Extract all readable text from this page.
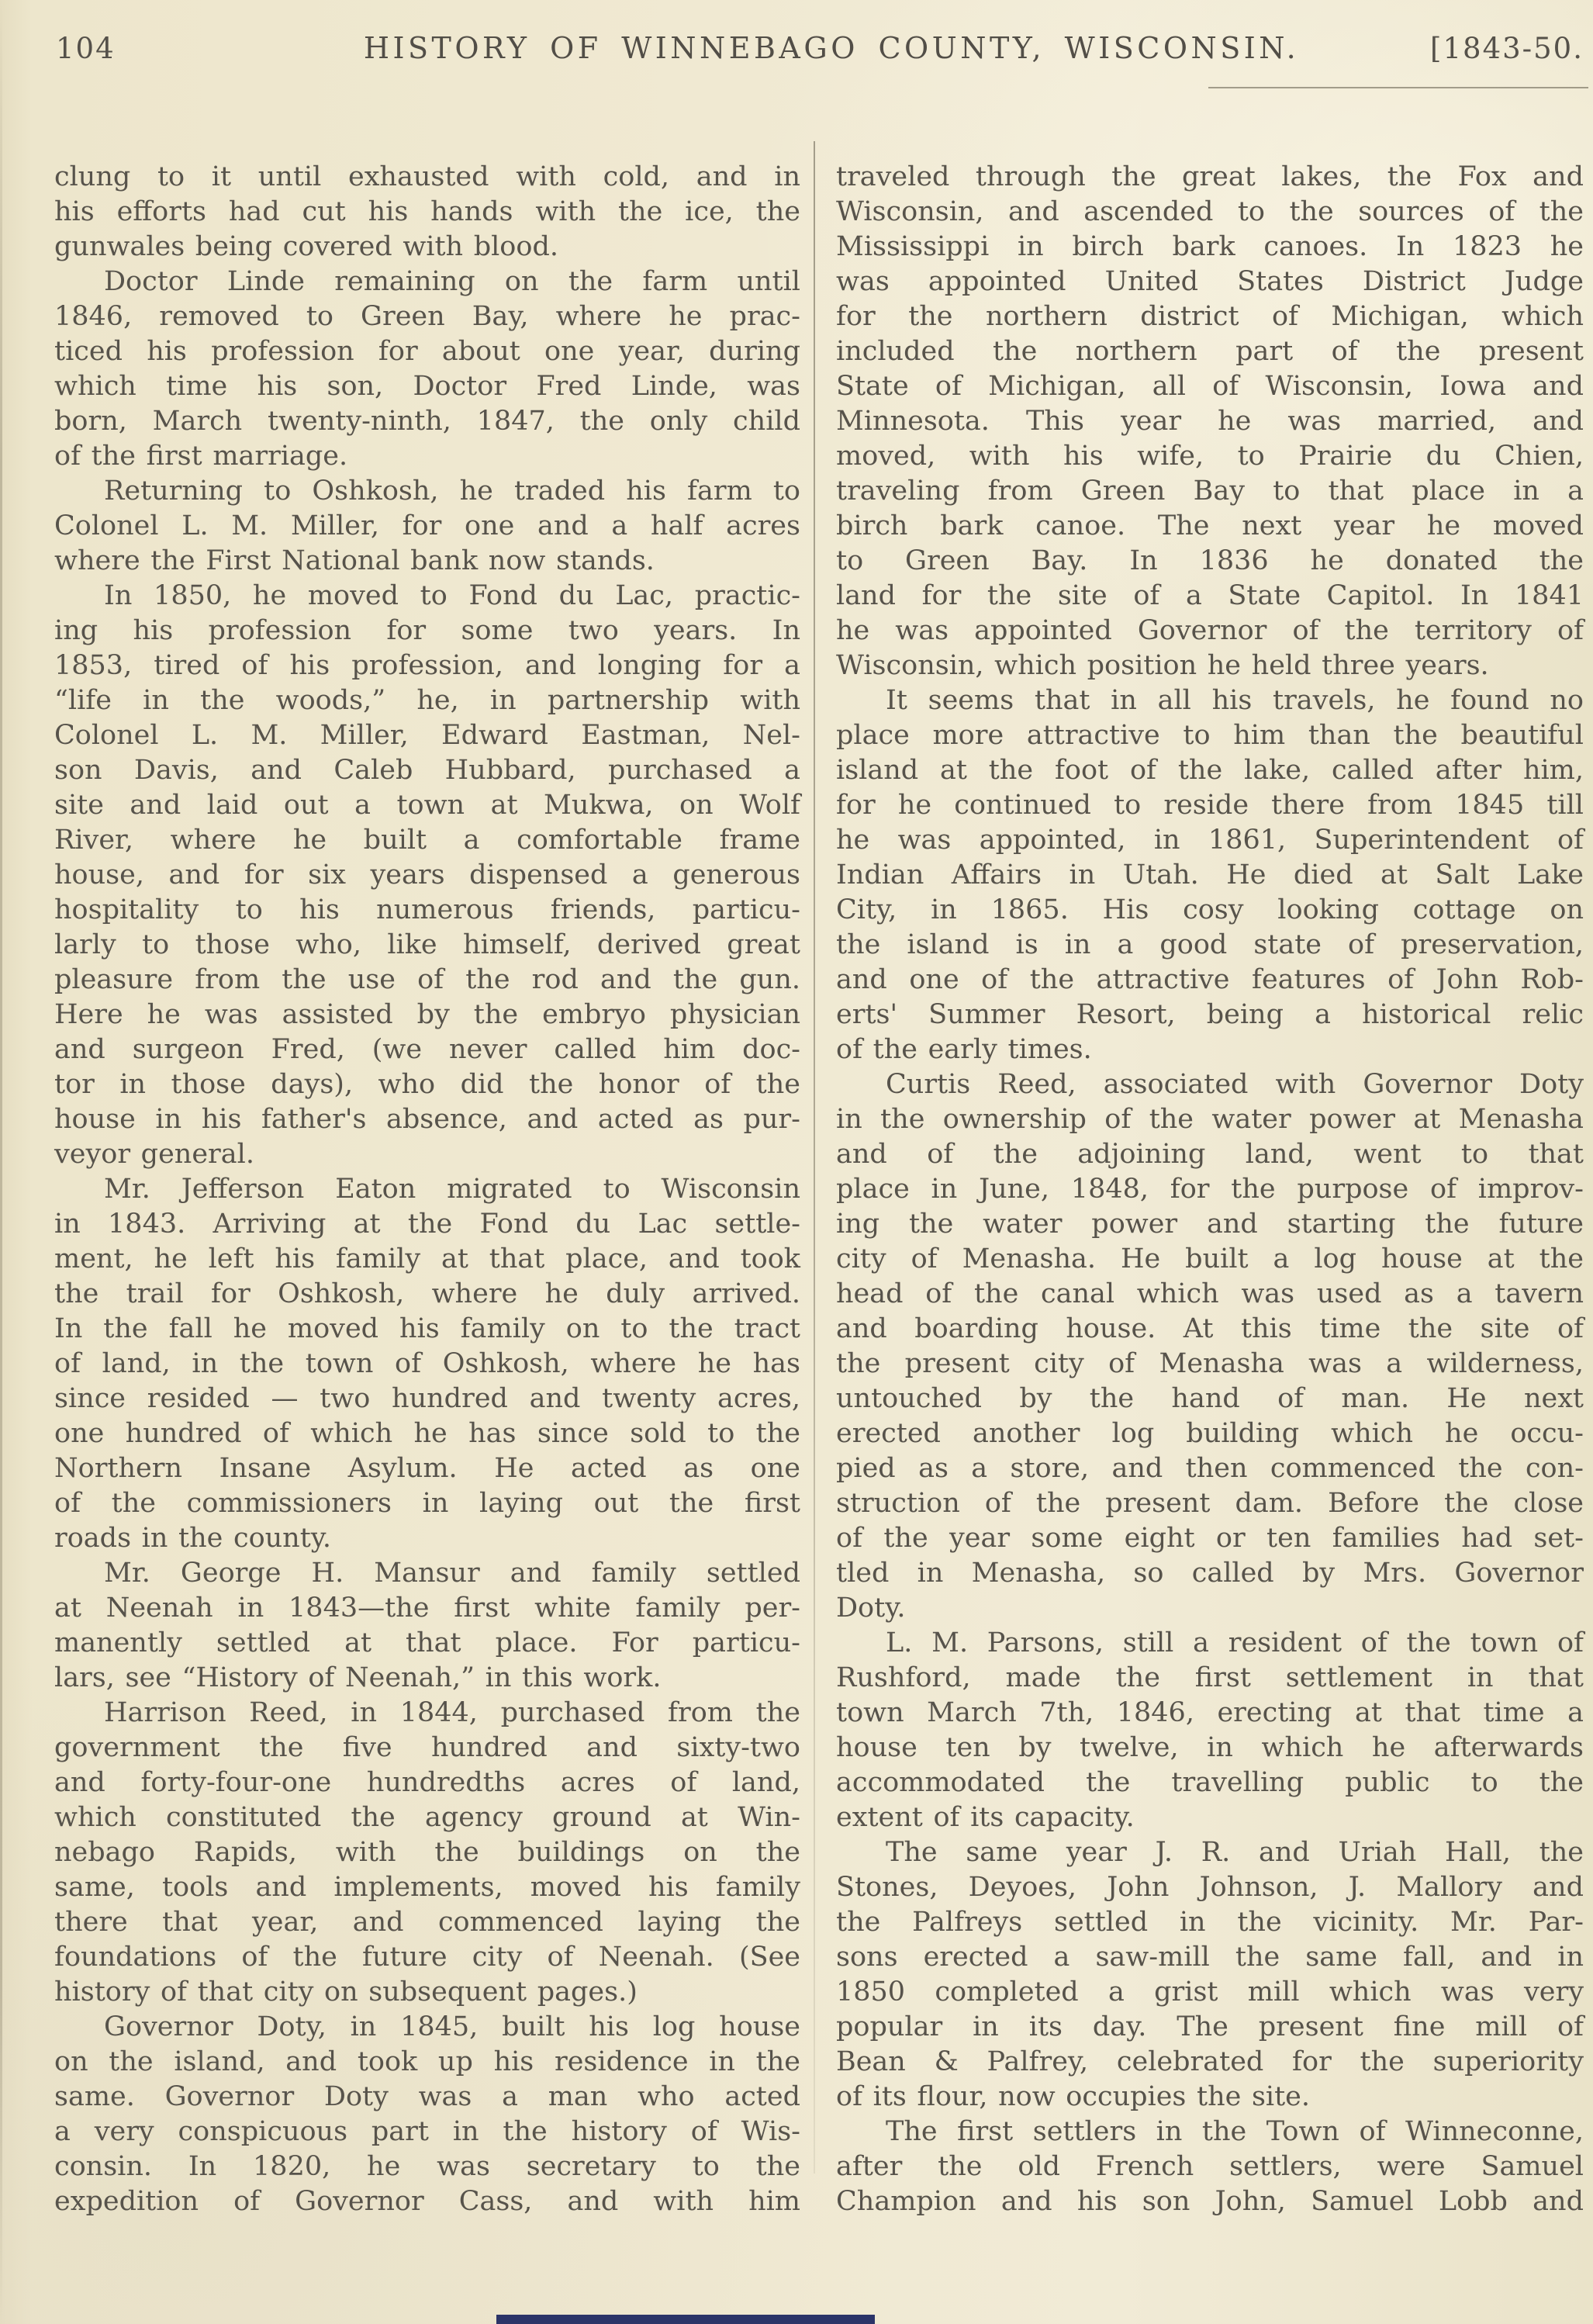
104	HISTORY OF WINNEBAGO COUNTY, WISCONSIN.	[1843-50.
clung to it until exhausted with cold, and in
his efforts had cut his hands with the ice, the
gunwales being covered with blood.
Doctor Linde remaining on the farm until
1846, removed to Green Bay, where he prac-
ticed his profession for about one year, during
which time his son, Doctor Fred Linde, was
born, March twenty-ninth, 1847, the only child
of the first marriage.
Returning to Oshkosh, he traded his farm to
Colonel L. M. Miller, for one and a half acres
where the First National bank now stands.
In 1850, he moved to Fond du Lac, practic-
ing his profession for some two years. In
1853, tired of his profession, and longing for a
“life in the woods,” he, in partnership with
Colonel L. M. Miller, Edward Eastman, Nel-
son Davis, and Caleb Hubbard, purchased a
site and laid out a town at Mukwa, on Wolf
River, where he built a comfortable frame
house, and for six years dispensed a generous
hospitality to his numerous friends, particu-
larly to those who, like himself, derived great
pleasure from the use of the rod and the gun.
Here he was assisted by the embryo physician
and surgeon Fred, (we never called him doc-
tor in those days), who did the honor of the
house in his father's absence, and acted as pur-
veyor general.
Mr. Jefferson Eaton migrated to Wisconsin
in 1843. Arriving at the Fond du Lac settle-
ment, he left his family at that place, and took
the trail for Oshkosh, where he duly arrived.
In the fall he moved his family on to the tract
of land, in the town of Oshkosh, where he has
since resided — two hundred and twenty acres,
one hundred of which he has since sold to the
Northern Insane Asylum. He acted as one
of the commissioners in laying out the first
roads in the county.
Mr. George H. Mansur and family settled
at Neenah in 1843—the first white family per-
manently settled at that place. For particu-
lars, see “History of Neenah,” in this work.
Harrison Reed, in 1844, purchased from the
government the five hundred and sixty-two
and forty-four-one hundredths acres of land,
which constituted the agency ground at Win-
nebago Rapids, with the buildings on the
same, tools and implements, moved his family
there that year, and commenced laying the
foundations of the future city of Neenah. (See
history of that city on subsequent pages.)
Governor Doty, in 1845, built his log house
on the island, and took up his residence in the
same. Governor Doty was a man who acted
a very conspicuous part in the history of Wis-
consin. In 1820, he was secretary to the
expedition of Governor Cass, and with him
traveled through the great lakes, the Fox and
Wisconsin, and ascended to the sources of the
Mississippi in birch bark canoes. In 1823 he
was appointed United States District Judge
for the northern district of Michigan, which
included the northern part of the present
State of Michigan, all of Wisconsin, Iowa and
Minnesota. This year he was married, and
moved, with his wife, to Prairie du Chien,
traveling from Green Bay to that place in a
birch bark canoe. The next year he moved
to Green Bay. In 1836 he donated the
land for the site of a State Capitol. In 1841
he was appointed Governor of the territory of
Wisconsin, which position he held three years.
It seems that in all his travels, he found no
place more attractive to him than the beautiful
island at the foot of the lake, called after him,
for he continued to reside there from 1845 till
he was appointed, in 1861, Superintendent of
Indian Affairs in Utah. He died at Salt Lake
City, in 1865. His cosy looking cottage on
the island is in a good state of preservation,
and one of the attractive features of John Rob-
erts' Summer Resort, being a historical relic
of the early times.
Curtis Reed, associated with Governor Doty
in the ownership of the water power at Menasha
and of the adjoining land, went to that
place in June, 1848, for the purpose of improv-
ing the water power and starting the future
city of Menasha. He built a log house at the
head of the canal which was used as a tavern
and boarding house. At this time the site of
the present city of Menasha was a wilderness,
untouched by the hand of man. He next
erected another log building which he occu-
pied as a store, and then commenced the con-
struction of the present dam. Before the close
of the year some eight or ten families had set-
tled in Menasha, so called by Mrs. Governor
Doty.
L. M. Parsons, still a resident of the town of
Rushford, made the first settlement in that
town March 7th, 1846, erecting at that time a
house ten by twelve, in which he afterwards
accommodated the travelling public to the
extent of its capacity.
The same year J. R. and Uriah Hall, the
Stones, Deyoes, John Johnson, J. Mallory and
the Palfreys settled in the vicinity. Mr. Par-
sons erected a saw-mill the same fall, and in
1850 completed a grist mill which was very
popular in its day. The present fine mill of
Bean & Palfrey, celebrated for the superiority
of its flour, now occupies the site.
The first settlers in the Town of Winneconne,
after the old French settlers, were Samuel
Champion and his son John, Samuel Lobb and
